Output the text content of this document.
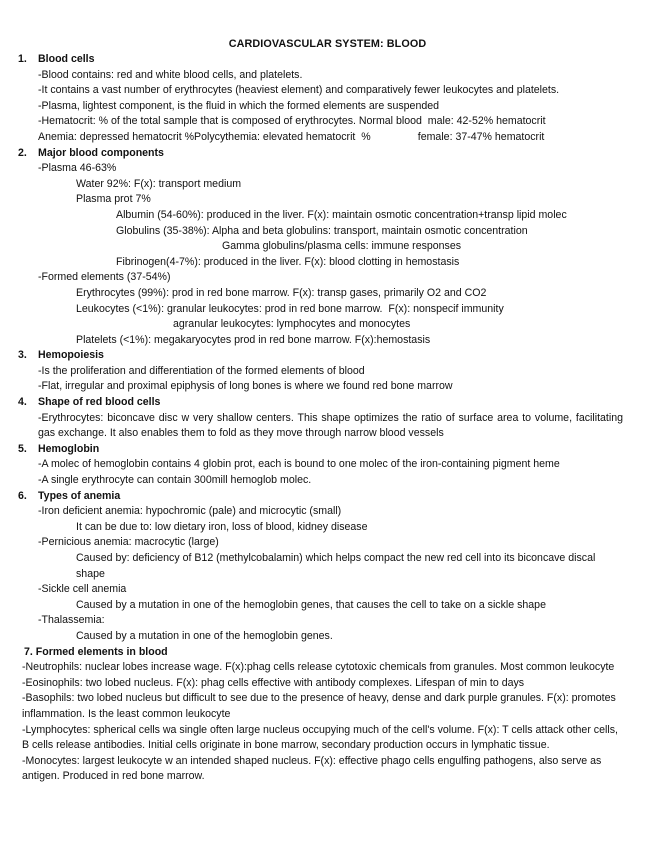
CARDIOVASCULAR SYSTEM: BLOOD
1. Blood cells
-Blood contains: red and white blood cells, and platelets.
-It contains a vast number of erythrocytes (heaviest element) and comparatively fewer leukocytes and platelets.
-Plasma, lightest component, is the fluid in which the formed elements are suspended
-Hematocrit: % of the total sample that is composed of erythrocytes. Normal blood  male: 42-52% hematocrit
Anemia: depressed hematocrit %Polycythemia: elevated hematocrit  %                female: 37-47% hematocrit
2. Major blood components
-Plasma 46-63%
Water 92%: F(x): transport medium
Plasma prot 7%
Albumin (54-60%): produced in the liver. F(x): maintain osmotic concentration+transp lipid molec
Globulins (35-38%): Alpha and beta globulins: transport, maintain osmotic concentration
Gamma globulins/plasma cells: immune responses
Fibrinogen(4-7%): produced in the liver. F(x): blood clotting in hemostasis
-Formed elements (37-54%)
Erythrocytes (99%): prod in red bone marrow. F(x): transp gases, primarily O2 and CO2
Leukocytes (<1%): granular leukocytes: prod in red bone marrow.  F(x): nonspecif immunity
agranular leukocytes: lymphocytes and monocytes
Platelets (<1%): megakaryocytes prod in red bone marrow. F(x):hemostasis
3. Hemopoiesis
-Is the proliferation and differentiation of the formed elements of blood
-Flat, irregular and proximal epiphysis of long bones is where we found red bone marrow
4. Shape of red blood cells
-Erythrocytes: biconcave disc w very shallow centers. This shape optimizes the ratio of surface area to volume, facilitating gas exchange. It also enables them to fold as they move through narrow blood vessels
5. Hemoglobin
-A molec of hemoglobin contains 4 globin prot, each is bound to one molec of the iron-containing pigment heme
-A single erythrocyte can contain 300mill hemoglob molec.
6. Types of anemia
-Iron deficient anemia: hypochromic (pale) and microcytic (small)
It can be due to: low dietary iron, loss of blood, kidney disease
-Pernicious anemia: macrocytic (large)
Caused by: deficiency of B12 (methylcobalamin) which helps compact the new red cell into its biconcave discal shape
-Sickle cell anemia
Caused by a mutation in one of the hemoglobin genes, that causes the cell to take on a sickle shape
-Thalassemia:
Caused by a mutation in one of the hemoglobin genes.
7. Formed elements in blood
-Neutrophils: nuclear lobes increase wage. F(x):phag cells release cytotoxic chemicals from granules. Most common leukocyte
-Eosinophils: two lobed nucleus. F(x): phag cells effective with antibody complexes. Lifespan of min to days
-Basophils: two lobed nucleus but difficult to see due to the presence of heavy, dense and dark purple granules. F(x): promotes inflammation. Is the least common leukocyte
-Lymphocytes: spherical cells wa single often large nucleus occupying much of the cell's volume. F(x): T cells attack other cells, B cells release antibodies. Initial cells originate in bone marrow, secondary production occurs in lymphatic tissue.
-Monocytes: largest leukocyte w an intended shaped nucleus. F(x): effective phago cells engulfing pathogens, also serve as antigen. Produced in red bone marrow.
